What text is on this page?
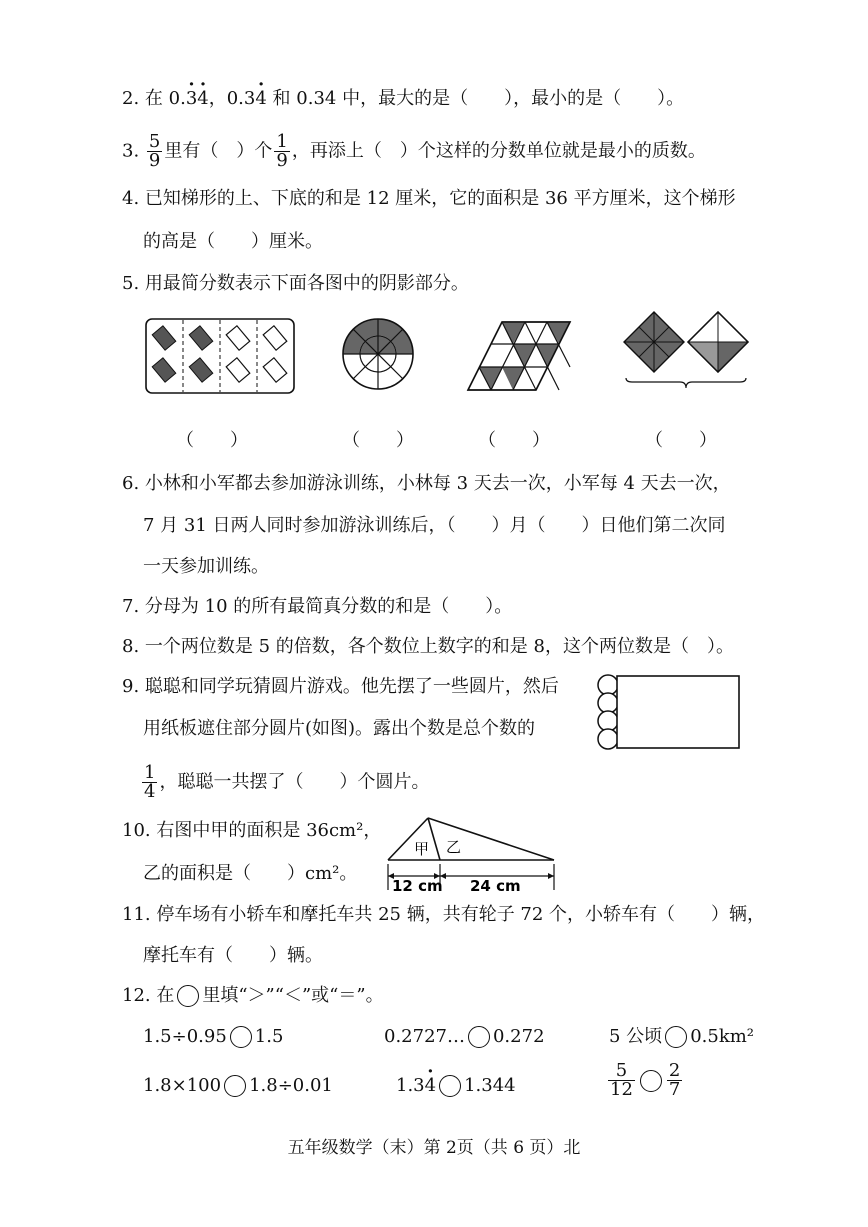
2. 在 0.3 ·4 ·，0.34 · 和 0.34 中，最大的是（　　），最小的是（　　）。
3. $\frac{5}{9}$ 里有（　）个 $\frac{1}{9}$ ，再添上（　）个这样的分数单位就是最小的质数。
4. 已知梯形的上、下底的和是 12 厘米，它的面积是 36 平方厘米，这个梯形
的高是（　　）厘米。
5. 用最简分数表示下面各图中的阴影部分。
（　　）	（　　）	（　　）	（　　）
6. 小林和小军都去参加游泳训练，小林每 3 天去一次，小军每 4 天去一次，
7 月 31 日两人同时参加游泳训练后，（　　）月（　　）日他们第二次同
一天参加训练。
7. 分母为 10 的所有最简真分数的和是（　　）。
8. 一个两位数是 5 的倍数，各个数位上数字的和是 8，这个两位数是（　）。
9. 聪聪和同学玩猜圆片游戏。他先摆了一些圆片，然后
用纸板遮住部分圆片(如图)。露出个数是总个数的
$\frac{1}{4}$ ，聪聪一共摆了（　　）个圆片。
10. 右图中甲的面积是 36cm²，
乙的面积是（　　）cm²。
甲 乙
12 cm 24 cm
11. 停车场有小轿车和摩托车共 25 辆，共有轮子 72 个，小轿车有（　　）辆，
摩托车有（　　）辆。
12. 在 里填“＞”“＜”或“＝”。
1.5÷0.95 1.5	0.2727… 0.272	5 公顷 0.5km²
1.8×100 1.8÷0.01	1.34 · 1.344	$\frac{5}{12} \frac{2}{7}$
五年级数学（末）第 2页（共 6 页）北
